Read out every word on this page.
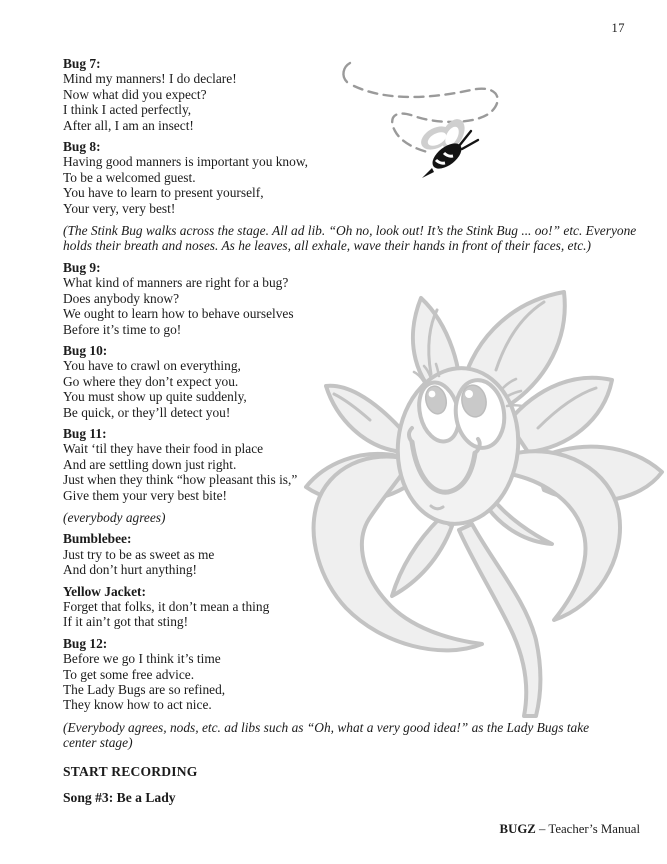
17

Bug 7:

Mind my manners! I do declare!

Now what did you expect?

I think I acted perfectly,

After all, I am an insect!

Bug 8:

Having good manners is important you know,

To be a welcomed guest.

You have to learn to present yourself,

Your very, very best!

(The Stink Bug walks across the stage. All ad lib. “Oh no, look out! It’s the Stink Bug ... oo!” etc. Everyone

holds their breath and noses. As he leaves, all exhale, wave their hands in front of their faces, etc.)

Bug 9:

What kind of manners are right for a bug?

Does anybody know?

We ought to learn how to behave ourselves

Before it’s time to go!

Bug 10:

You have to crawl on everything,

Go where they don’t expect you.

You must show up quite suddenly,

Be quick, or they’ll detect you!

Bug 11:

Wait ‘til they have their food in place

And are settling down just right.

Just when they think “how pleasant this is,”

Give them your very best bite!

(everybody agrees)

Bumblebee:

Just try to be as sweet as me

And don’t hurt anything!

Yellow Jacket:

Forget that folks, it don’t mean a thing

If it ain’t got that sting!

Bug 12:

Before we go I think it’s time

To get some free advice.

The Lady Bugs are so refined,

They know how to act nice.

(Everybody agrees, nods, etc. ad libs such as “Oh, what a very good idea!” as the Lady Bugs take

center stage)

START RECORDING

Song #3: Be a Lady

BUGZ – Teacher’s Manual
